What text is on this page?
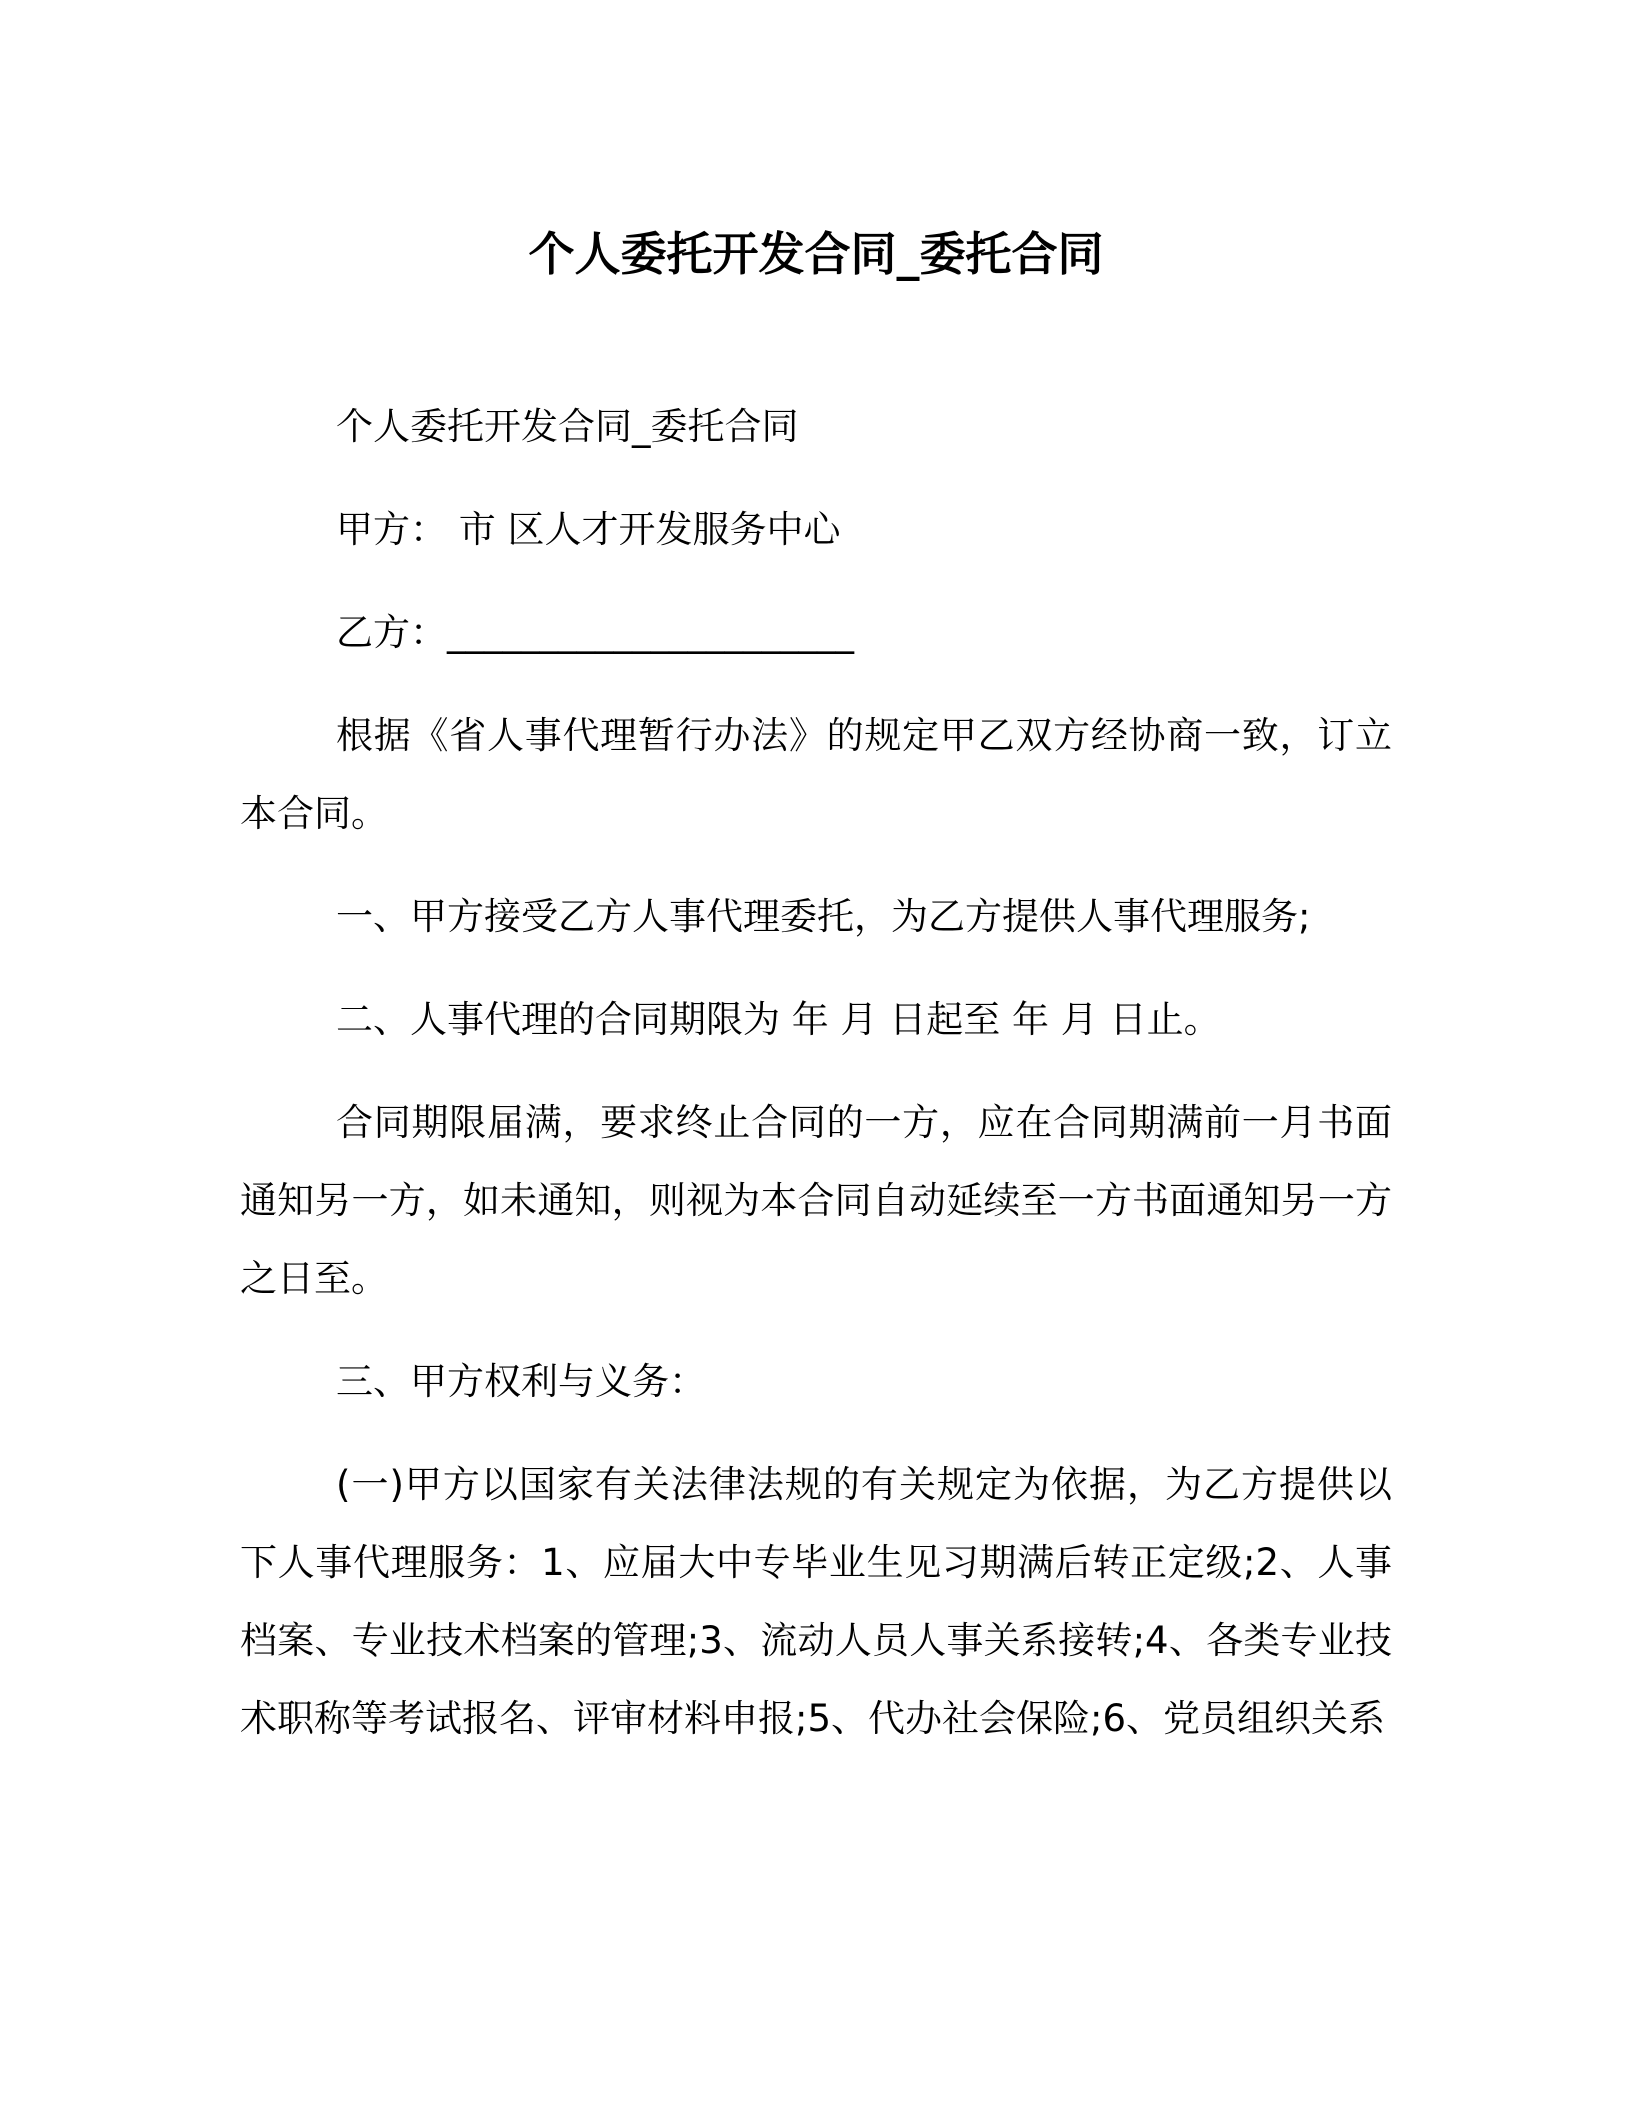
个人委托开发合同_委托合同

个人委托开发合同_委托合同

甲方： 市 区人才开发服务中心

乙方：______________________

根据《省人事代理暂行办法》的规定甲乙双方经协商一致，订立本合同。

一、甲方接受乙方人事代理委托，为乙方提供人事代理服务;

二、人事代理的合同期限为 年 月 日起至 年 月 日止。

合同期限届满，要求终止合同的一方，应在合同期满前一月书面通知另一方，如未通知，则视为本合同自动延续至一方书面通知另一方之日至。

三、甲方权利与义务：

(一)甲方以国家有关法律法规的有关规定为依据，为乙方提供以下人事代理服务：1、应届大中专毕业生见习期满后转正定级;2、人事档案、专业技术档案的管理;3、流动人员人事关系接转;4、各类专业技术职称等考试报名、评审材料申报;5、代办社会保险;6、党员组织关系
